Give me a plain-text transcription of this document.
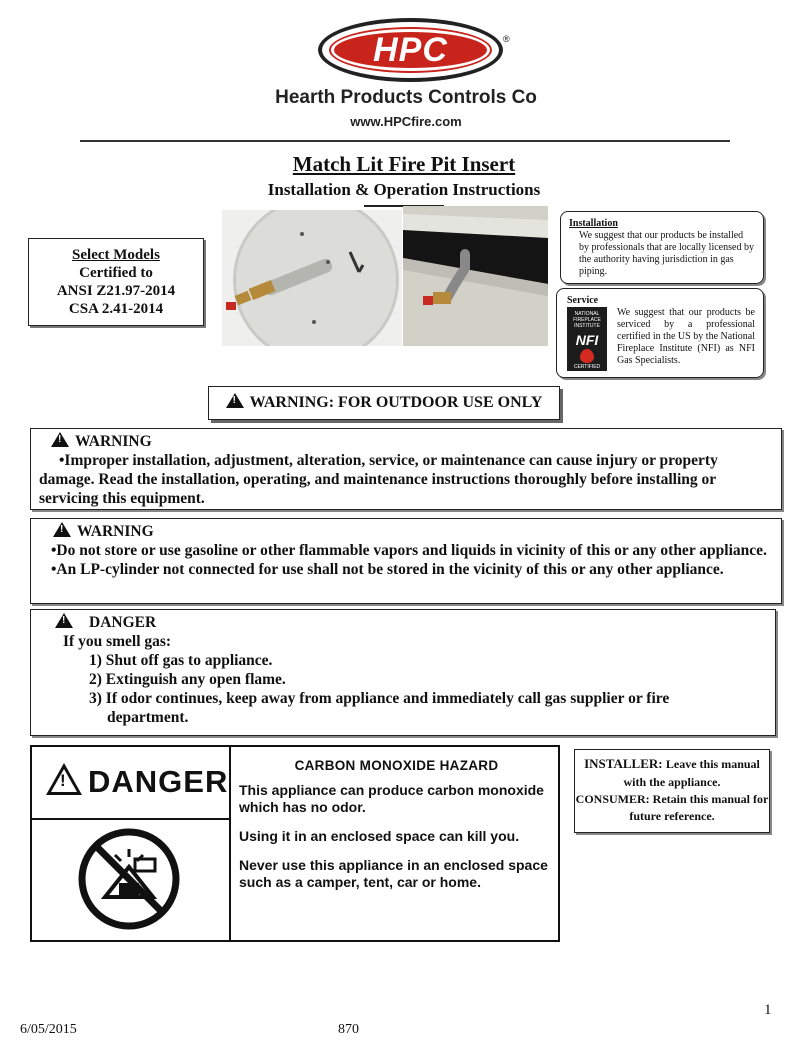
HPC	®
Hearth Products Controls Co
www.HPCfire.com
Match Lit Fire Pit Insert
Installation & Operation Instructions
Select Models
Certified to
ANSI Z21.97-2014
CSA 2.41-2014
Installation
We suggest that our products be installed by professionals that are locally licensed by the authority having jurisdiction in gas piping.
Service
NATIONAL FIREPLACE INSTITUTE
NFI
CERTIFIED
www.nficertified.org
We suggest that our products be serviced by a professional certified in the US by the National Fireplace Institute (NFI) as NFI Gas Specialists.
!WARNING: FOR OUTDOOR USE ONLY
!WARNING
•Improper installation, adjustment, alteration, service, or maintenance can cause injury or property damage. Read the installation, operating, and maintenance instructions thoroughly before installing or servicing this equipment.
!WARNING
•Do not store or use gasoline or other flammable vapors and liquids in vicinity of this or any other appliance.
•An LP-cylinder not connected for use shall not be stored in the vicinity of this or any other appliance.
!DANGER
If you smell gas:
1) Shut off gas to appliance.
2) Extinguish any open flame.
3) If odor continues, keep away from appliance and immediately call gas supplier or fire
department.
!DANGER	CARBON MONOXIDE HAZARD

This appliance can produce carbon monoxide which has no odor.

Using it in an enclosed space can kill you.

Never use this appliance in an enclosed space such as a camper, tent, car or home.

INSTALLER: Leave this manual with the appliance.
CONSUMER: Retain this manual for future reference.
1
6/05/2015	870
